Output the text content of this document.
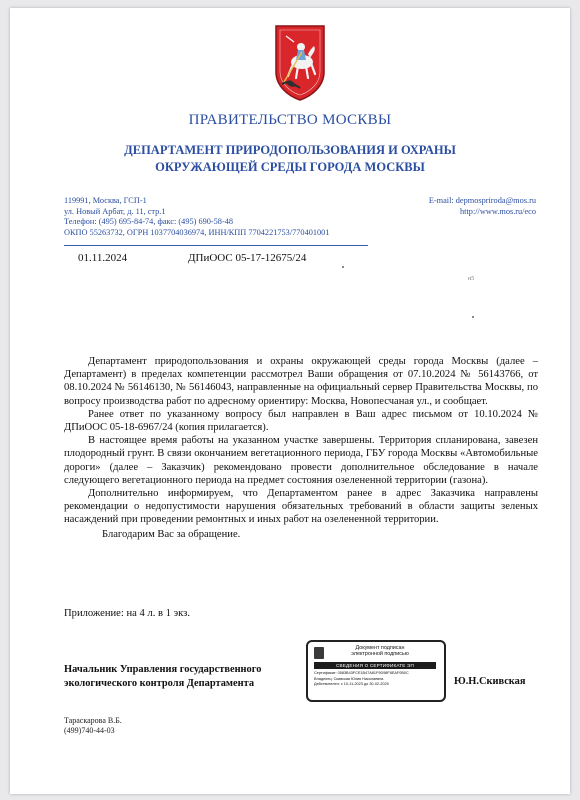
ПРАВИТЕЛЬСТВО МОСКВЫ
ДЕПАРТАМЕНТ ПРИРОДОПОЛЬЗОВАНИЯ И ОХРАНЫ
ОКРУЖАЮЩЕЙ СРЕДЫ ГОРОДА МОСКВЫ
119991, Москва, ГСП-1
ул. Новый Арбат, д. 11, стр.1
Телефон: (495) 695-84-74, факс: (495) 690-58-48
ОКПО 55263732, ОГРН 1037704036974, ИНН/КПП 7704221753/770401001
E-mail: depmospriroda@mos.ru
http://www.mos.ru/eco
01.11.2024	ДПиООС 05-17-12675/24
н5

Департамент природопользования и охраны окружающей среды города Москвы (далее – Департамент) в пределах компетенции рассмотрел Ваши обращения от 07.10.2024 № 56143766, от 08.10.2024 № 56146130, № 56146043, направленные на официальный сервер Правительства Москвы, по вопросу производства работ по адресному ориентиру: Москва, Новопесчаная ул., и сообщает.

Ранее ответ по указанному вопросу был направлен в Ваш адрес письмом от 10.10.2024 № ДПиООС 05-18-6967/24 (копия прилагается).

В настоящее время работы на указанном участке завершены. Территория спланирована, завезен плодородный грунт. В связи окончанием вегетационного периода, ГБУ города Москвы «Автомобильные дороги» (далее – Заказчик) рекомендовано провести дополнительное обследование в начале следующего вегетационного периода на предмет состояния озелененной территории (газона).

Дополнительно информируем, что Департаментом ранее в адрес Заказчика направлены рекомендации о недопустимости нарушения обязательных требований в области защиты зеленых насаждений при проведении ремонтных и иных работ на озелененной территории.

Благодарим Вас за обращение.

Приложение: на 4 л. в 1 экз.
Начальник Управления государственного
экологического контроля Департамента
Документ подписан
электронной подписью
СВЕДЕНИЯ О СЕРТИФИКАТЕ ЭП
Сертификат: 0583B43FCE1B47A81F9D98F8EAF0B0C
Владелец: Скивская Юлия Николаевна
Действителен: с 10-11-2023 до 30-02-2025	Ю.Н.Скивская
Тараскарова В.Б.
(499)740-44-03
